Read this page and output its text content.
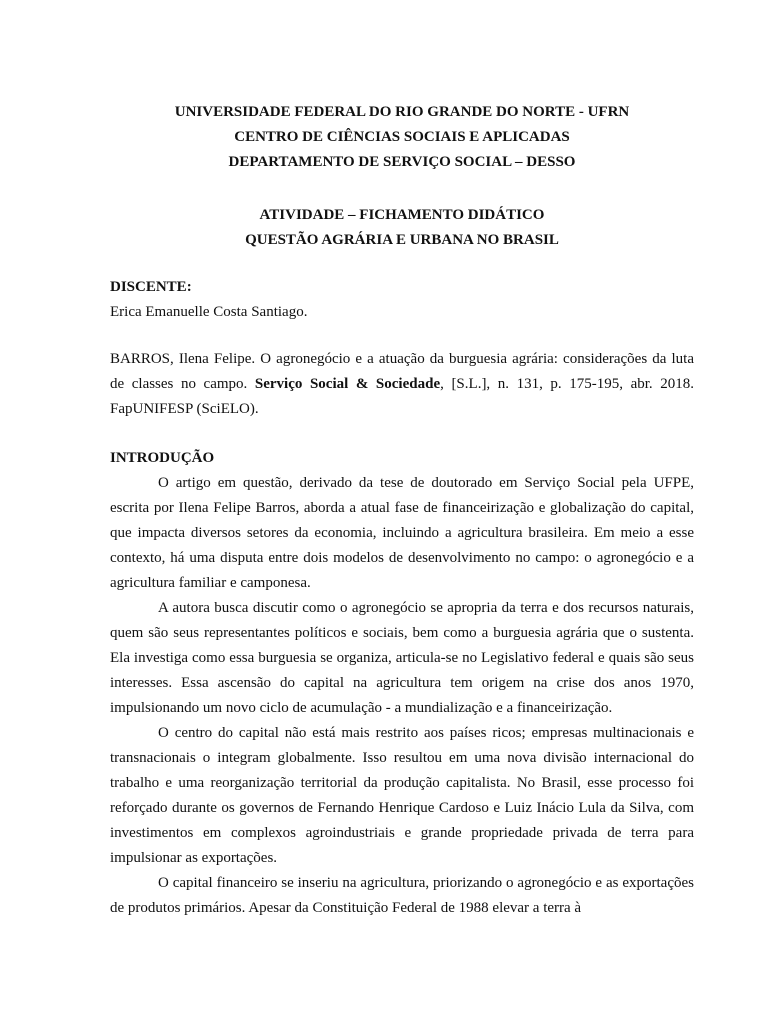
UNIVERSIDADE FEDERAL DO RIO GRANDE DO NORTE - UFRN
CENTRO DE CIÊNCIAS SOCIAIS E APLICADAS
DEPARTAMENTO DE SERVIÇO SOCIAL – DESSO
ATIVIDADE – FICHAMENTO DIDÁTICO
QUESTÃO AGRÁRIA E URBANA NO BRASIL
DISCENTE:
Erica Emanuelle Costa Santiago.
BARROS, Ilena Felipe. O agronegócio e a atuação da burguesia agrária: considerações da luta de classes no campo. Serviço Social & Sociedade, [S.L.], n. 131, p. 175-195, abr. 2018. FapUNIFESP (SciELO).
INTRODUÇÃO

O artigo em questão, derivado da tese de doutorado em Serviço Social pela UFPE, escrita por Ilena Felipe Barros, aborda a atual fase de financeirização e globalização do capital, que impacta diversos setores da economia, incluindo a agricultura brasileira. Em meio a esse contexto, há uma disputa entre dois modelos de desenvolvimento no campo: o agronegócio e a agricultura familiar e camponesa.

A autora busca discutir como o agronegócio se apropria da terra e dos recursos naturais, quem são seus representantes políticos e sociais, bem como a burguesia agrária que o sustenta. Ela investiga como essa burguesia se organiza, articula-se no Legislativo federal e quais são seus interesses. Essa ascensão do capital na agricultura tem origem na crise dos anos 1970, impulsionando um novo ciclo de acumulação - a mundialização e a financeirização.

O centro do capital não está mais restrito aos países ricos; empresas multinacionais e transnacionais o integram globalmente. Isso resultou em uma nova divisão internacional do trabalho e uma reorganização territorial da produção capitalista. No Brasil, esse processo foi reforçado durante os governos de Fernando Henrique Cardoso e Luiz Inácio Lula da Silva, com investimentos em complexos agroindustriais e grande propriedade privada de terra para impulsionar as exportações.

O capital financeiro se inseriu na agricultura, priorizando o agronegócio e as exportações de produtos primários. Apesar da Constituição Federal de 1988 elevar a terra à
